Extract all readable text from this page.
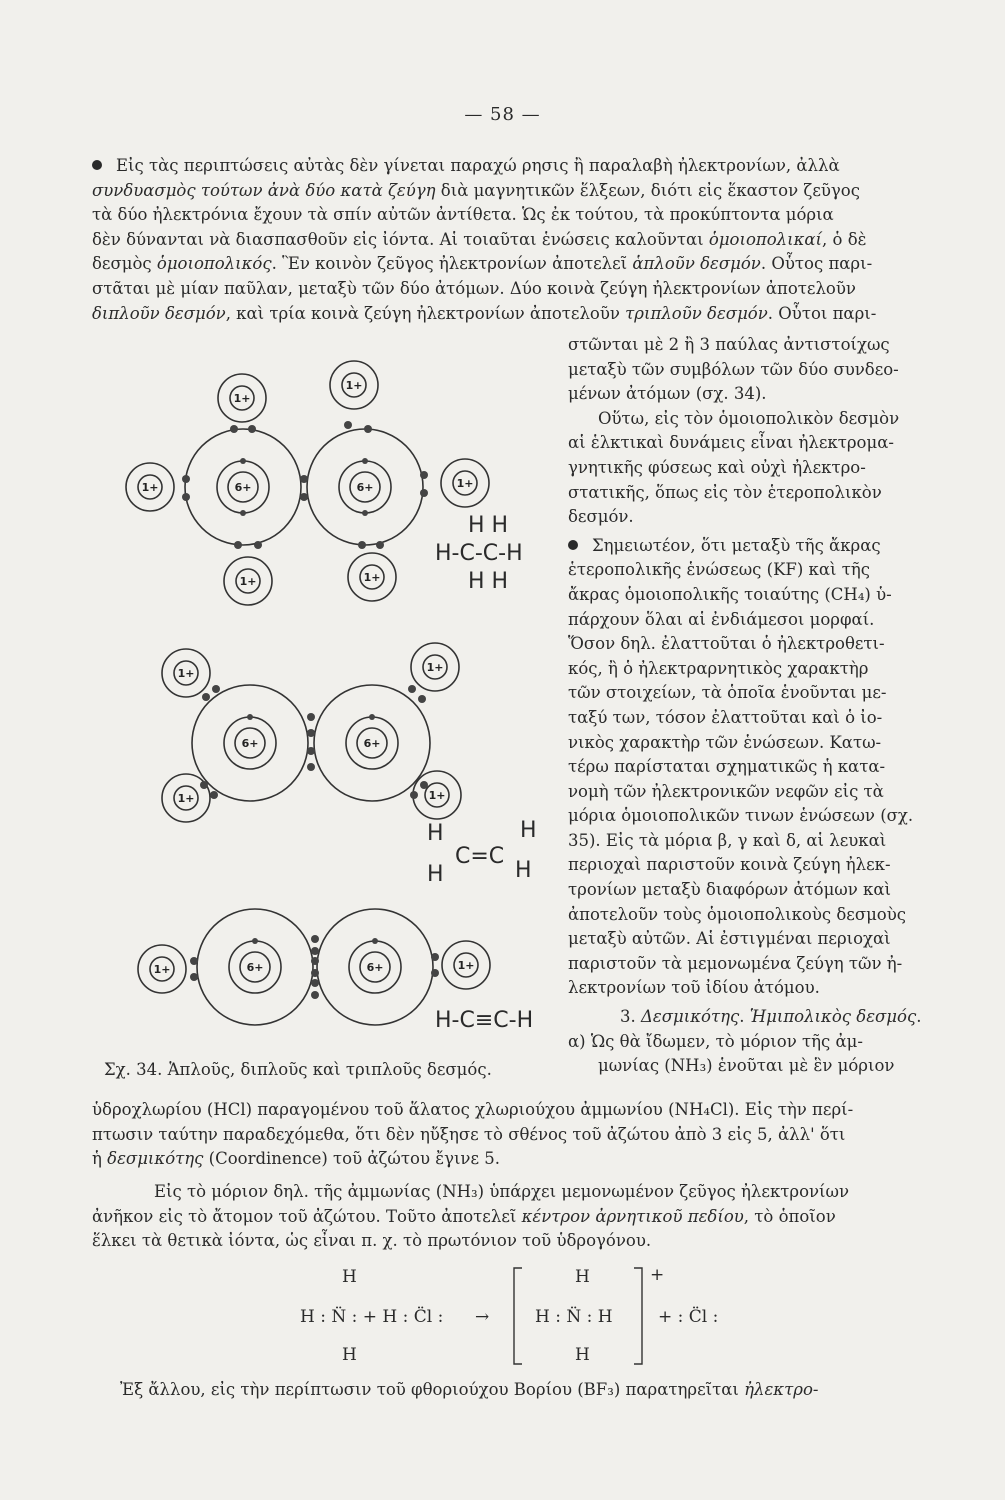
— 58 —
Εἰς τὰς περιπτώσεις αὐτὰς δὲν γίνεται παραχώ ρησις ἢ παραλαβὴ ἠλεκτρονίων, ἀλλὰ
συνδυασμὸς τούτων ἀνὰ δύο κατὰ ζεύγη διὰ μαγνητικῶν ἕλξεων, διότι εἰς ἕκαστον ζεῦγος
τὰ δύο ἠλεκτρόνια ἔχουν τὰ σπίν αὐτῶν ἀντίθετα. Ὡς ἐκ τούτου, τὰ προκύπτοντα μόρια
δὲν δύνανται νὰ διασπασθοῦν εἰς ἰόντα. Αἱ τοιαῦται ἑνώσεις καλοῦνται ὁμοιοπολικαί, ὁ δὲ
δεσμὸς ὁμοιοπολικός. Ἓν κοινὸν ζεῦγος ἠλεκτρονίων ἀποτελεῖ ἁπλοῦν δεσμόν. Οὗτος παρι-
στᾶται μὲ μίαν παῦλαν, μεταξὺ τῶν δύο ἀτόμων. Δύο κοινὰ ζεύγη ἠλεκτρονίων ἀποτελοῦν
διπλοῦν δεσμόν, καὶ τρία κοινὰ ζεύγη ἠλεκτρονίων ἀποτελοῦν τριπλοῦν δεσμόν. Οὗτοι παρι-
στῶνται μὲ 2 ἢ 3 παύλας ἀντιστοίχως
μεταξὺ τῶν συμβόλων τῶν δύο συνδεο-
μένων ἀτόμων (σχ. 34).
Οὕτω, εἰς τὸν ὁμοιοπολικὸν δεσμὸν
αἱ ἑλκτικαὶ δυνάμεις εἶναι ἠλεκτρομα-
γνητικῆς φύσεως καὶ οὐχὶ ἠλεκτρο-
στατικῆς, ὅπως εἰς τὸν ἑτεροπολικὸν
δεσμόν.
Σημειωτέον, ὅτι μεταξὺ τῆς ἄκρας
ἑτεροπολικῆς ἑνώσεως (KF) καὶ τῆς
ἄκρας ὁμοιοπολικῆς τοιαύτης (CH₄) ὑ-
πάρχουν ὅλαι αἱ ἐνδιάμεσοι μορφαί.
Ὅσον δηλ. ἐλαττοῦται ὁ ἠλεκτροθετι-
κός, ἢ ὁ ἠλεκτραρνητικὸς χαρακτὴρ
τῶν στοιχείων, τὰ ὁποῖα ἑνοῦνται με-
ταξύ των, τόσον ἐλαττοῦται καὶ ὁ ἰο-
νικὸς χαρακτὴρ τῶν ἑνώσεων. Κατω-
τέρω παρίσταται σχηματικῶς ἡ κατα-
νομὴ τῶν ἠλεκτρονικῶν νεφῶν εἰς τὰ
μόρια ὁμοιοπολικῶν τινων ἑνώσεων (σχ.
35). Εἰς τὰ μόρια β, γ καὶ δ, αἱ λευκαὶ
περιοχαὶ παριστοῦν κοινὰ ζεύγη ἠλεκ-
τρονίων μεταξὺ διαφόρων ἀτόμων καὶ
ἀποτελοῦν τοὺς ὁμοιοπολικοὺς δεσμοὺς
μεταξὺ αὐτῶν. Αἱ ἐστιγμέναι περιοχαὶ
παριστοῦν τὰ μεμονωμένα ζεύγη τῶν ἠ-
λεκτρονίων τοῦ ἰδίου ἀτόμου.
3. Δεσμικότης. Ἡμιπολικὸς δεσμός.
α) Ὡς θὰ ἴδωμεν, τὸ μόριον τῆς ἀμ-
μωνίας (NH₃) ἑνοῦται μὲ ἓν μόριον
6+	6+
1+
1+
1+	1+
1+	1+
6+	6+
1+	1+
1+	1+
6+	6+
1+	1+
H H
H-C-C-H
H H
H
C=C
H
H	H
H-C≡C-H
Σχ. 34. Ἁπλοῦς, διπλοῦς καὶ τριπλοῦς δεσμός.
ὑδροχλωρίου (HCl) παραγομένου τοῦ ἅλατος χλωριούχου ἀμμωνίου (NH₄Cl). Εἰς τὴν περί-
πτωσιν ταύτην παραδεχόμεθα, ὅτι δὲν ηὔξησε τὸ σθένος τοῦ ἀζώτου ἀπὸ 3 εἰς 5, ἀλλ' ὅτι
ἡ δεσμικότης (Coordinence) τοῦ ἀζώτου ἔγινε 5.
Εἰς τὸ μόριον δηλ. τῆς ἀμμωνίας (NH₃) ὑπάρχει μεμονωμένον ζεῦγος ἠλεκτρονίων
ἀνῆκον εἰς τὸ ἄτομον τοῦ ἀζώτου. Τοῦτο ἀποτελεῖ κέντρον ἀρνητικοῦ πεδίου, τὸ ὁποῖον
ἕλκει τὰ θετικὰ ἰόντα, ὡς εἶναι π. χ. τὸ πρωτόνιον τοῦ ὑδρογόνου.
H
H : N̈ : + H : C̈l :
H
→
H
H : N̈ : H
H
+
+ : C̈l :
Ἐξ ἄλλου, εἰς τὴν περίπτωσιν τοῦ φθοριούχου Βορίου (BF₃) παρατηρεῖται ἠλεκτρο-
